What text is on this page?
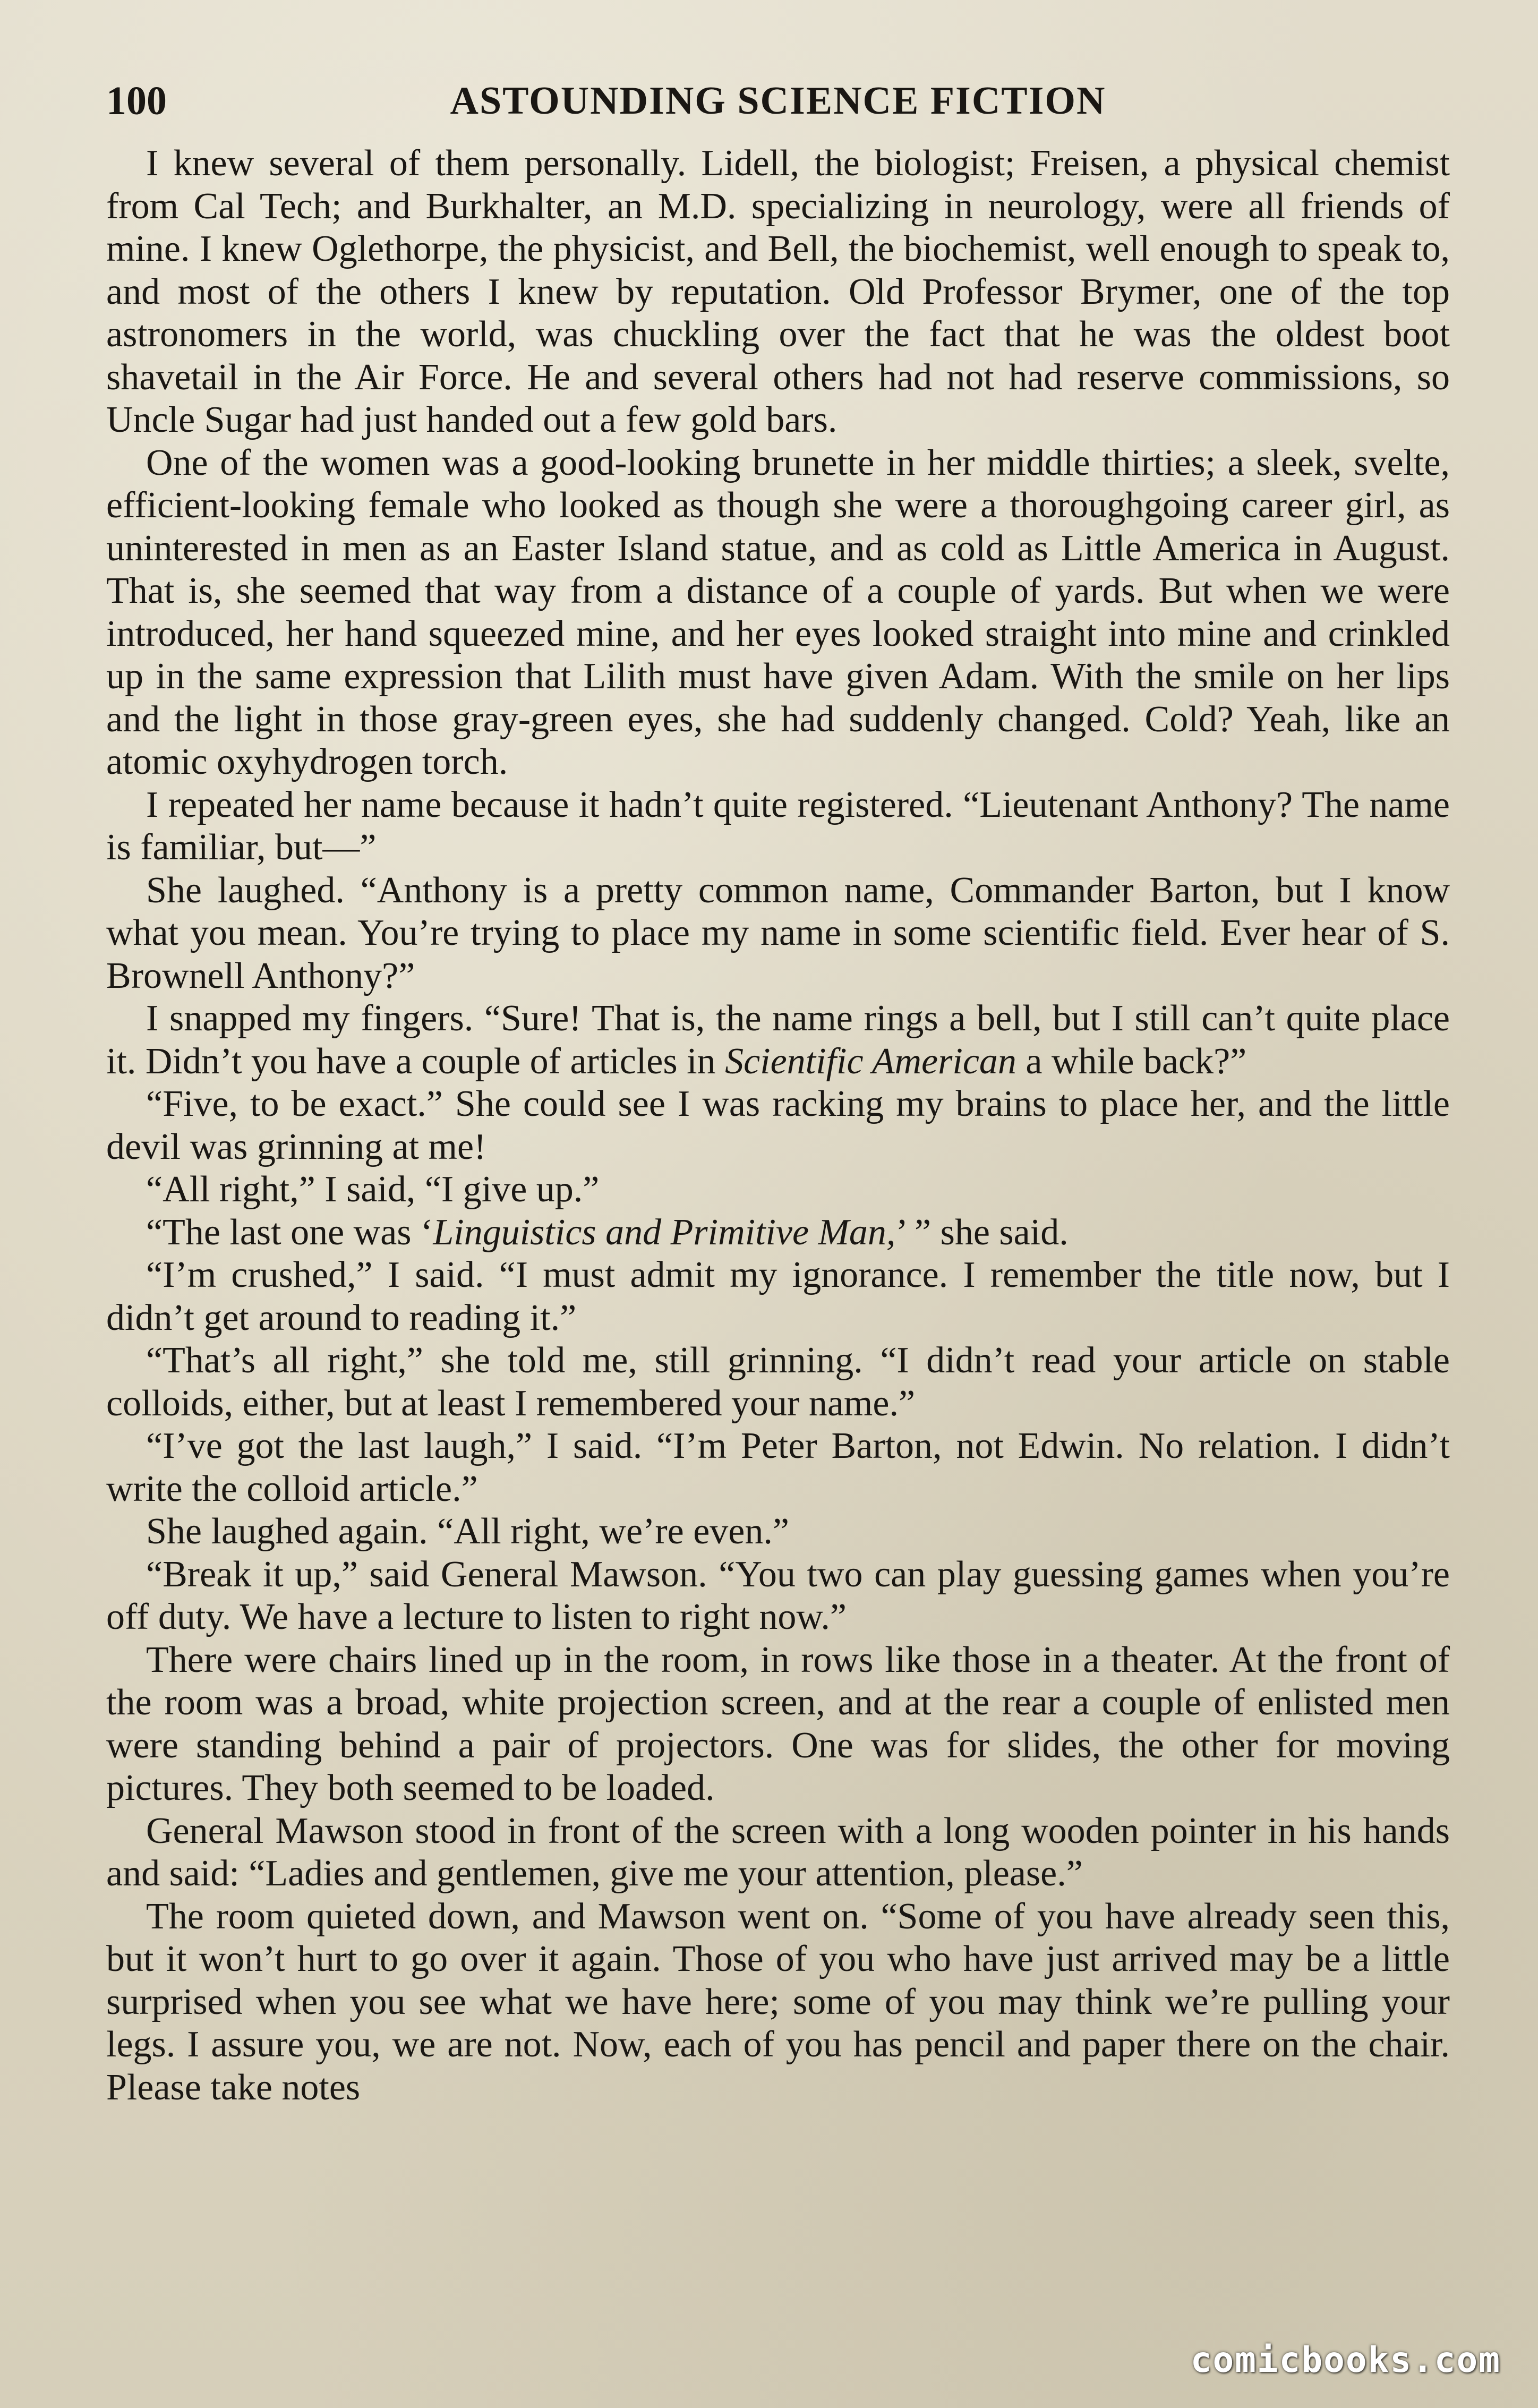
100	ASTOUNDING SCIENCE FICTION

I knew several of them personally. Lidell, the biologist; Freisen, a physical chemist from Cal Tech; and Burkhalter, an M.D. specializing in neurology, were all friends of mine. I knew Oglethorpe, the physicist, and Bell, the biochemist, well enough to speak to, and most of the others I knew by reputation. Old Professor Brymer, one of the top astronomers in the world, was chuckling over the fact that he was the oldest boot shavetail in the Air Force. He and several others had not had reserve commissions, so Uncle Sugar had just handed out a few gold bars.

One of the women was a good-looking brunette in her middle thirties; a sleek, svelte, efficient-looking female who looked as though she were a thoroughgoing career girl, as uninterested in men as an Easter Island statue, and as cold as Little America in August. That is, she seemed that way from a distance of a couple of yards. But when we were introduced, her hand squeezed mine, and her eyes looked straight into mine and crinkled up in the same expression that Lilith must have given Adam. With the smile on her lips and the light in those gray-green eyes, she had suddenly changed. Cold? Yeah, like an atomic oxyhydrogen torch.

I repeated her name because it hadn’t quite registered. “Lieutenant Anthony? The name is familiar, but—”

She laughed. “Anthony is a pretty common name, Commander Barton, but I know what you mean. You’re trying to place my name in some scientific field. Ever hear of S. Brownell Anthony?”

I snapped my fingers. “Sure! That is, the name rings a bell, but I still can’t quite place it. Didn’t you have a couple of articles in Scientific American a while back?”

“Five, to be exact.” She could see I was racking my brains to place her, and the little devil was grinning at me!

“All right,” I said, “I give up.”

“The last one was ‘Linguistics and Primitive Man,’ ” she said.

“I’m crushed,” I said. “I must admit my ignorance. I remember the title now, but I didn’t get around to reading it.”

“That’s all right,” she told me, still grinning. “I didn’t read your article on stable colloids, either, but at least I remembered your name.”

“I’ve got the last laugh,” I said. “I’m Peter Barton, not Edwin. No relation. I didn’t write the colloid article.”

She laughed again. “All right, we’re even.”

“Break it up,” said General Mawson. “You two can play guessing games when you’re off duty. We have a lecture to listen to right now.”

There were chairs lined up in the room, in rows like those in a theater. At the front of the room was a broad, white projection screen, and at the rear a couple of enlisted men were standing behind a pair of projectors. One was for slides, the other for moving pictures. They both seemed to be loaded.

General Mawson stood in front of the screen with a long wooden pointer in his hands and said: “Ladies and gentlemen, give me your attention, please.”

The room quieted down, and Mawson went on. “Some of you have already seen this, but it won’t hurt to go over it again. Those of you who have just arrived may be a little surprised when you see what we have here; some of you may think we’re pulling your legs. I assure you, we are not. Now, each of you has pencil and paper there on the chair. Please take notes

comicbooks.com
